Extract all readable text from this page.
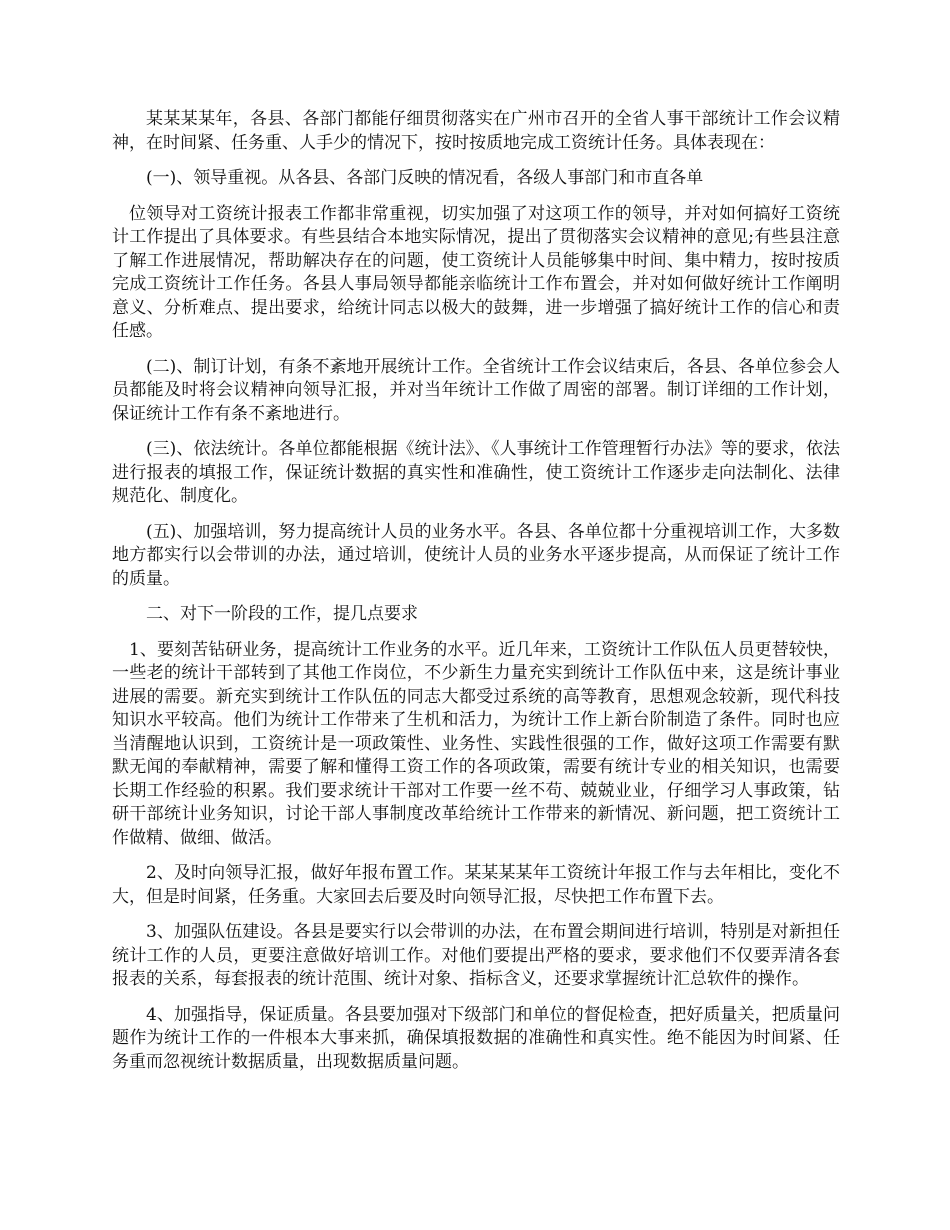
某某某某年，各县、各部门都能仔细贯彻落实在广州市召开的全省人事干部统计工作会议精神，在时间紧、任务重、人手少的情况下，按时按质地完成工资统计任务。具体表现在：

(一)、领导重视。从各县、各部门反映的情况看，各级人事部门和市直各单

位领导对工资统计报表工作都非常重视，切实加强了对这项工作的领导，并对如何搞好工资统计工作提出了具体要求。有些县结合本地实际情况，提出了贯彻落实会议精神的意见;有些县注意了解工作进展情况，帮助解决存在的问题，使工资统计人员能够集中时间、集中精力，按时按质完成工资统计工作任务。各县人事局领导都能亲临统计工作布置会，并对如何做好统计工作阐明意义、分析难点、提出要求，给统计同志以极大的鼓舞，进一步增强了搞好统计工作的信心和责任感。

(二)、制订计划，有条不紊地开展统计工作。全省统计工作会议结束后，各县、各单位参会人员都能及时将会议精神向领导汇报，并对当年统计工作做了周密的部署。制订详细的工作计划，保证统计工作有条不紊地进行。

(三)、依法统计。各单位都能根据《统计法》、《人事统计工作管理暂行办法》等的要求，依法进行报表的填报工作，保证统计数据的真实性和准确性，使工资统计工作逐步走向法制化、法律规范化、制度化。

(五)、加强培训，努力提高统计人员的业务水平。各县、各单位都十分重视培训工作，大多数地方都实行以会带训的办法，通过培训，使统计人员的业务水平逐步提高，从而保证了统计工作的质量。

二、对下一阶段的工作，提几点要求

1、要刻苦钻研业务，提高统计工作业务的水平。近几年来，工资统计工作队伍人员更替较快，一些老的统计干部转到了其他工作岗位，不少新生力量充实到统计工作队伍中来，这是统计事业进展的需要。新充实到统计工作队伍的同志大都受过系统的高等教育，思想观念较新，现代科技知识水平较高。他们为统计工作带来了生机和活力，为统计工作上新台阶制造了条件。同时也应当清醒地认识到，工资统计是一项政策性、业务性、实践性很强的工作，做好这项工作需要有默默无闻的奉献精神，需要了解和懂得工资工作的各项政策，需要有统计专业的相关知识，也需要长期工作经验的积累。我们要求统计干部对工作要一丝不苟、兢兢业业，仔细学习人事政策，钻研干部统计业务知识，讨论干部人事制度改革给统计工作带来的新情况、新问题，把工资统计工作做精、做细、做活。

2、及时向领导汇报，做好年报布置工作。某某某某年工资统计年报工作与去年相比，变化不大，但是时间紧，任务重。大家回去后要及时向领导汇报，尽快把工作布置下去。

3、加强队伍建设。各县是要实行以会带训的办法，在布置会期间进行培训，特别是对新担任统计工作的人员，更要注意做好培训工作。对他们要提出严格的要求，要求他们不仅要弄清各套报表的关系，每套报表的统计范围、统计对象、指标含义，还要求掌握统计汇总软件的操作。

4、加强指导，保证质量。各县要加强对下级部门和单位的督促检查，把好质量关，把质量问题作为统计工作的一件根本大事来抓，确保填报数据的准确性和真实性。绝不能因为时间紧、任务重而忽视统计数据质量，出现数据质量问题。
